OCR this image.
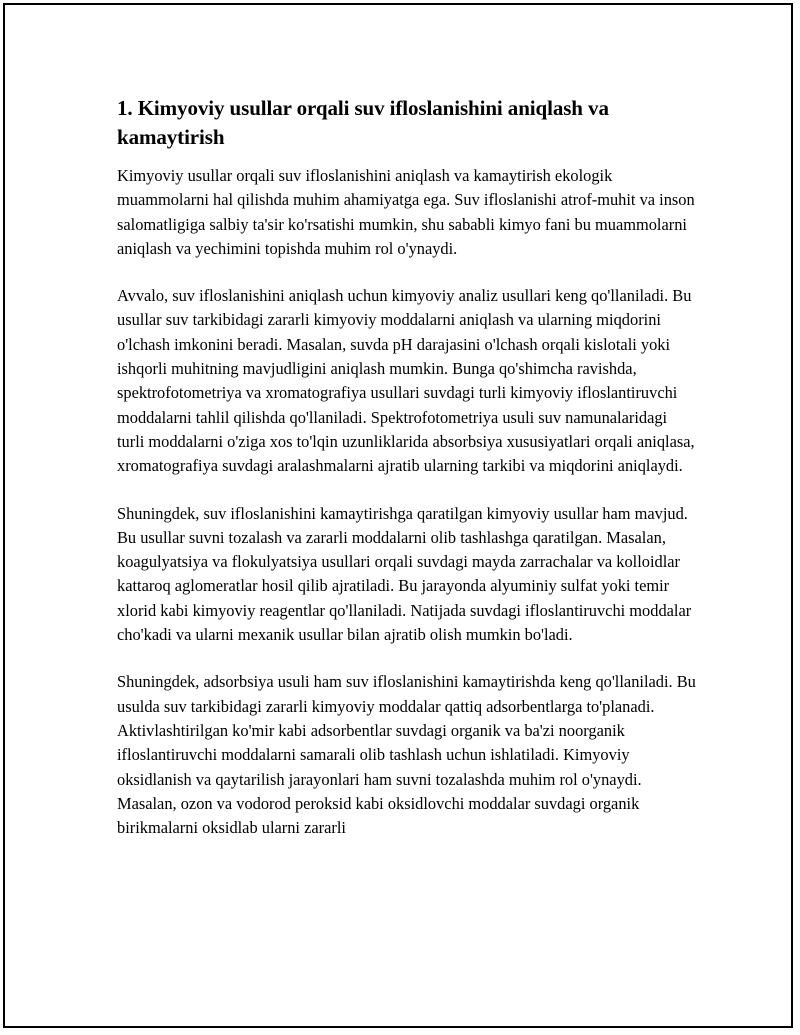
1. Kimyoviy usullar orqali suv ifloslanishini aniqlash va kamaytirish

Kimyoviy usullar orqali suv ifloslanishini aniqlash va kamaytirish ekologik muammolarni hal qilishda muhim ahamiyatga ega. Suv ifloslanishi atrof-muhit va inson salomatligiga salbiy ta'sir ko'rsatishi mumkin, shu sababli kimyo fani bu muammolarni aniqlash va yechimini topishda muhim rol o'ynaydi.

Avvalo, suv ifloslanishini aniqlash uchun kimyoviy analiz usullari keng qo'llaniladi. Bu usullar suv tarkibidagi zararli kimyoviy moddalarni aniqlash va ularning miqdorini o'lchash imkonini beradi. Masalan, suvda pH darajasini o'lchash orqali kislotali yoki ishqorli muhitning mavjudligini aniqlash mumkin. Bunga qo'shimcha ravishda, spektrofotometriya va xromatografiya usullari suvdagi turli kimyoviy ifloslantiruvchi moddalarni tahlil qilishda qo'llaniladi. Spektrofotometriya usuli suv namunalaridagi turli moddalarni o'ziga xos to'lqin uzunliklarida absorbsiya xususiyatlari orqali aniqlasa, xromatografiya suvdagi aralashmalarni ajratib ularning tarkibi va miqdorini aniqlaydi.

Shuningdek, suv ifloslanishini kamaytirishga qaratilgan kimyoviy usullar ham mavjud. Bu usullar suvni tozalash va zararli moddalarni olib tashlashga qaratilgan. Masalan, koagulyatsiya va flokulyatsiya usullari orqali suvdagi mayda zarrachalar va kolloidlar kattaroq aglomeratlar hosil qilib ajratiladi. Bu jarayonda alyuminiy sulfat yoki temir xlorid kabi kimyoviy reagentlar qo'llaniladi. Natijada suvdagi ifloslantiruvchi moddalar cho'kadi va ularni mexanik usullar bilan ajratib olish mumkin bo'ladi.

Shuningdek, adsorbsiya usuli ham suv ifloslanishini kamaytirishda keng qo'llaniladi. Bu usulda suv tarkibidagi zararli kimyoviy moddalar qattiq adsorbentlarga to'planadi. Aktivlashtirilgan ko'mir kabi adsorbentlar suvdagi organik va ba'zi noorganik ifloslantiruvchi moddalarni samarali olib tashlash uchun ishlatiladi. Kimyoviy oksidlanish va qaytarilish jarayonlari ham suvni tozalashda muhim rol o'ynaydi. Masalan, ozon va vodorod peroksid kabi oksidlovchi moddalar suvdagi organik birikmalarni oksidlab ularni zararli
